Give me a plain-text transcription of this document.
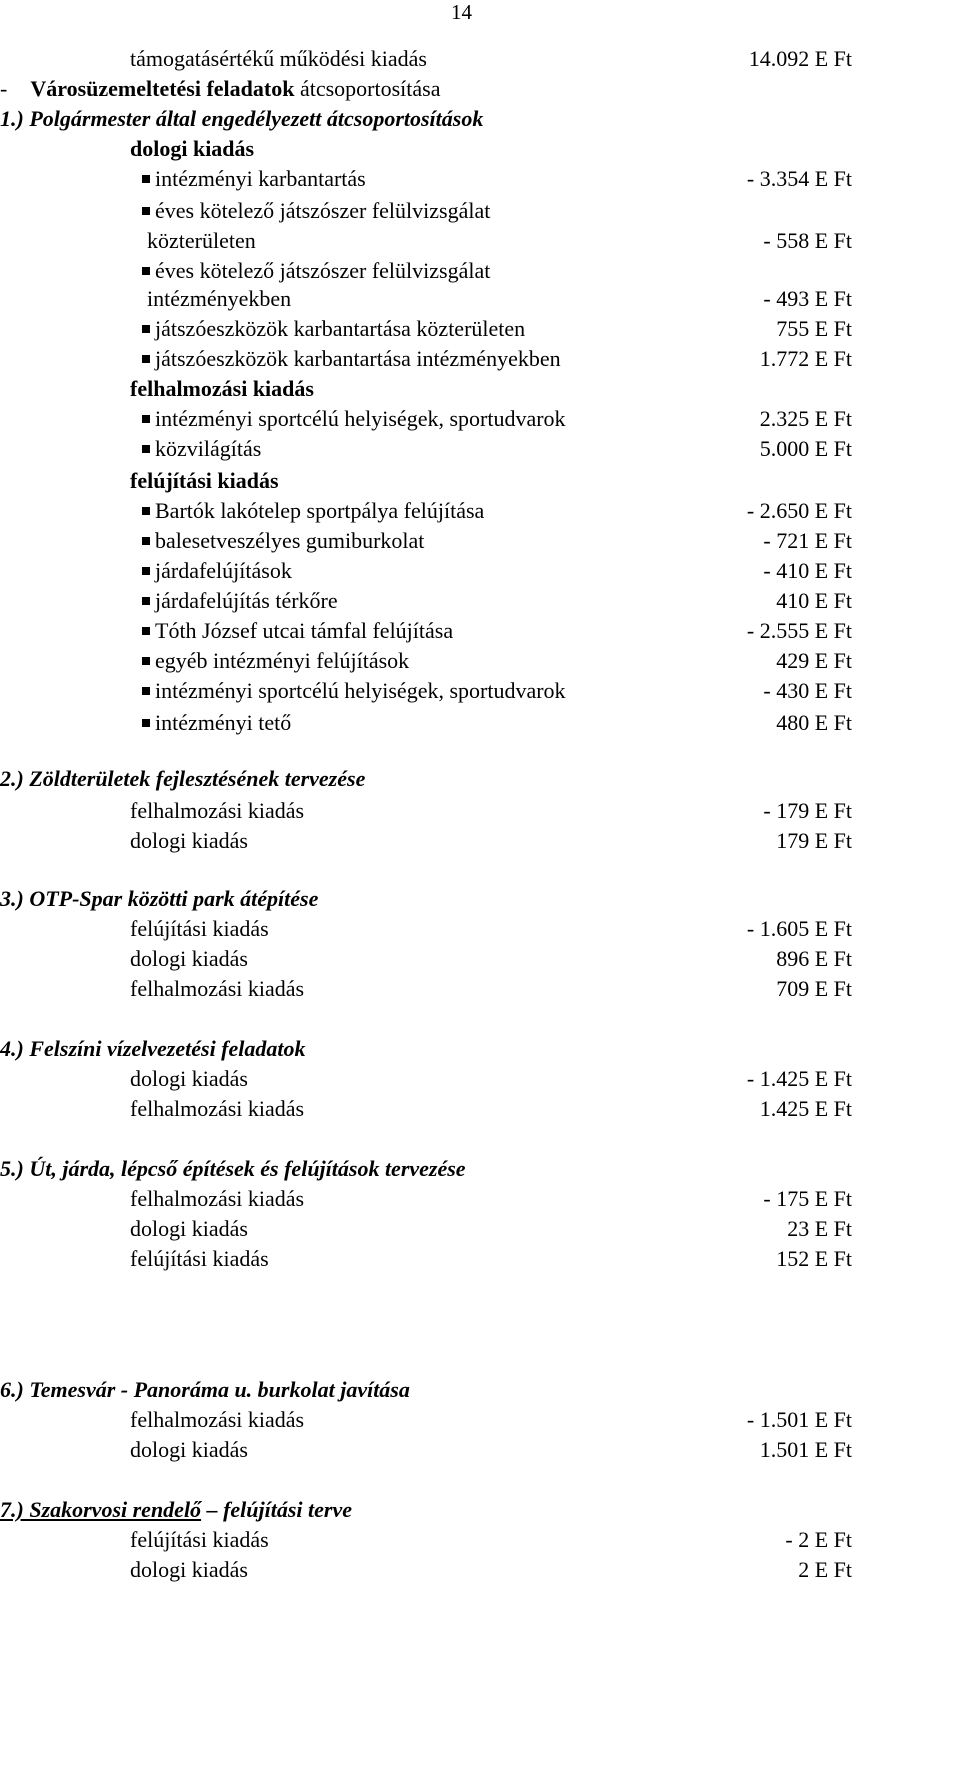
14
támogatásértékű működési kiadás	14.092 E Ft
- Városüzemeltetési feladatok átcsoportosítása
1.) Polgármester által engedélyezett átcsoportosítások
dologi kiadás
intézményi karbantartás	- 3.354 E Ft
éves kötelező játszószer felülvizsgálat
közterületen	- 558 E Ft
éves kötelező játszószer felülvizsgálat
intézményekben	- 493 E Ft
játszóeszközök karbantartása közterületen	755 E Ft
játszóeszközök karbantartása intézményekben	1.772 E Ft
felhalmozási kiadás
intézményi sportcélú helyiségek, sportudvarok	2.325 E Ft
közvilágítás	5.000 E Ft
felújítási kiadás
Bartók lakótelep sportpálya felújítása	- 2.650 E Ft
balesetveszélyes gumiburkolat	- 721 E Ft
járdafelújítások	- 410 E Ft
járdafelújítás térkőre	410 E Ft
Tóth József utcai támfal felújítása	- 2.555 E Ft
egyéb intézményi felújítások	429 E Ft
intézményi sportcélú helyiségek, sportudvarok	- 430 E Ft
intézményi tető	480 E Ft
2.) Zöldterületek fejlesztésének tervezése
felhalmozási kiadás	- 179 E Ft
dologi kiadás	179 E Ft
3.) OTP-Spar közötti park átépítése
felújítási kiadás	- 1.605 E Ft
dologi kiadás	896 E Ft
felhalmozási kiadás	709 E Ft
4.) Felszíni vízelvezetési feladatok
dologi kiadás	- 1.425 E Ft
felhalmozási kiadás	1.425 E Ft
5.) Út, járda, lépcső építések és felújítások tervezése
felhalmozási kiadás	- 175 E Ft
dologi kiadás	23 E Ft
felújítási kiadás	152 E Ft
6.) Temesvár - Panoráma u. burkolat javítása
felhalmozási kiadás	- 1.501 E Ft
dologi kiadás	1.501 E Ft
7.) Szakorvosi rendelő – felújítási terve
felújítási kiadás	- 2 E Ft
dologi kiadás	2 E Ft
